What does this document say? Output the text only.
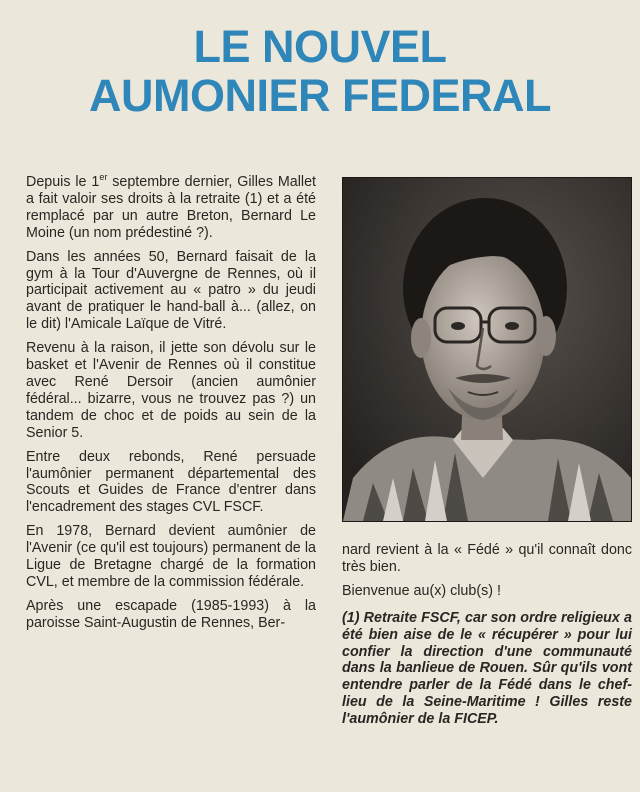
LE NOUVEL
AUMONIER FEDERAL

Depuis le 1er septembre dernier, Gilles Mallet a fait valoir ses droits à la retraite (1) et a été remplacé par un autre Breton, Bernard Le Moine (un nom prédestiné ?).

Dans les années 50, Bernard faisait de la gym à la Tour d'Auvergne de Rennes, où il participait activement au « patro » du jeudi avant de pratiquer le hand-ball à... (allez, on le dit) l'Amicale Laïque de Vitré.

Revenu à la raison, il jette son dévolu sur le basket et l'Avenir de Rennes où il constitue avec René Dersoir (ancien aumônier fédéral... bizarre, vous ne trouvez pas ?) un tandem de choc et de poids au sein de la Senior 5.

Entre deux rebonds, René persuade l'aumônier permanent départemental des Scouts et Guides de France d'entrer dans l'encadrement des stages CVL FSCF.

En 1978, Bernard devient aumônier de l'Avenir (ce qu'il est toujours) permanent de la Ligue de Bretagne chargé de la formation CVL, et membre de la commission fédérale.

Après une escapade (1985-1993) à la paroisse Saint-Augustin de Rennes, Ber-

nard revient à la « Fédé » qu'il connaît donc très bien.

Bienvenue au(x) club(s) !

(1) Retraite FSCF, car son ordre religieux a été bien aise de le « récupérer » pour lui confier la direction d'une communauté dans la banlieue de Rouen. Sûr qu'ils vont entendre parler de la Fédé dans le chef-lieu de la Seine-Maritime ! Gilles reste l'aumônier de la FICEP.
